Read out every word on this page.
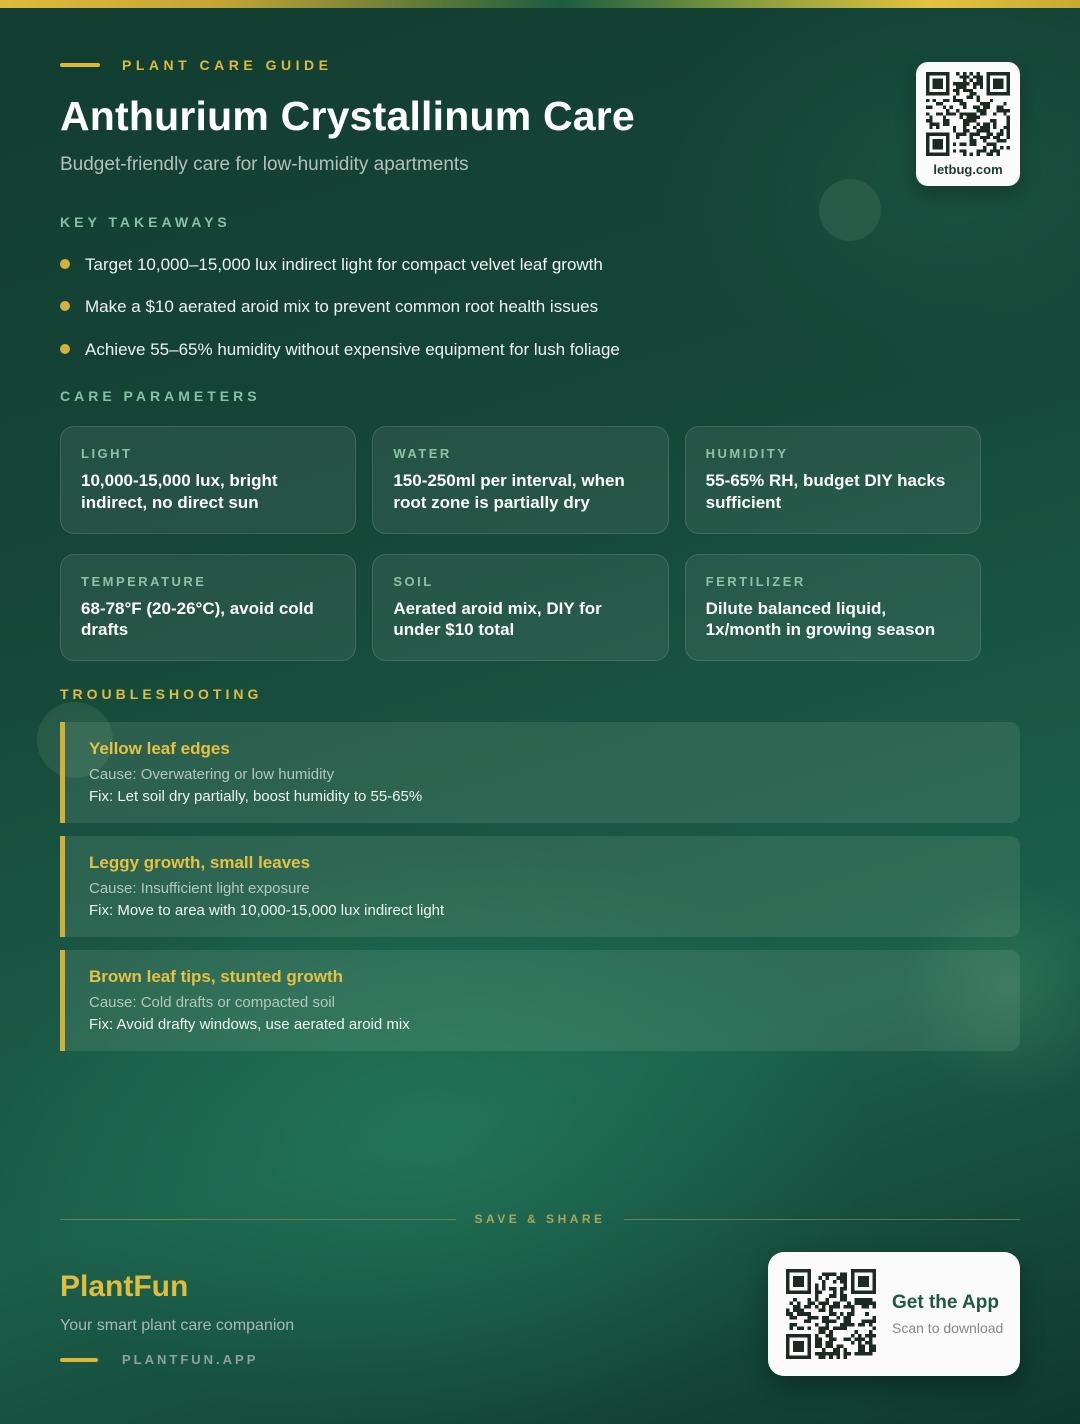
PLANT CARE GUIDE
Anthurium Crystallinum Care

Budget-friendly care for low-humidity apartments	letbug.com
KEY TAKEAWAYS
Target 10,000–15,000 lux indirect light for compact velvet leaf growth
Make a $10 aerated aroid mix to prevent common root health issues
Achieve 55–65% humidity without expensive equipment for lush foliage
CARE PARAMETERS
LIGHT
10,000-15,000 lux, bright indirect, no direct sun
WATER
150-250ml per interval, when root zone is partially dry
HUMIDITY
55-65% RH, budget DIY hacks sufficient
TEMPERATURE
68-78°F (20-26°C), avoid cold drafts
SOIL
Aerated aroid mix, DIY for under $10 total
FERTILIZER
Dilute balanced liquid, 1x/month in growing season
TROUBLESHOOTING
Yellow leaf edges
Cause: Overwatering or low humidity
Fix: Let soil dry partially, boost humidity to 55-65%
Leggy growth, small leaves
Cause: Insufficient light exposure
Fix: Move to area with 10,000-15,000 lux indirect light
Brown leaf tips, stunted growth
Cause: Cold drafts or compacted soil
Fix: Avoid drafty windows, use aerated aroid mix
SAVE & SHARE
PlantFun
Your smart plant care companion
PLANTFUN.APP
Get the App
Scan to download
